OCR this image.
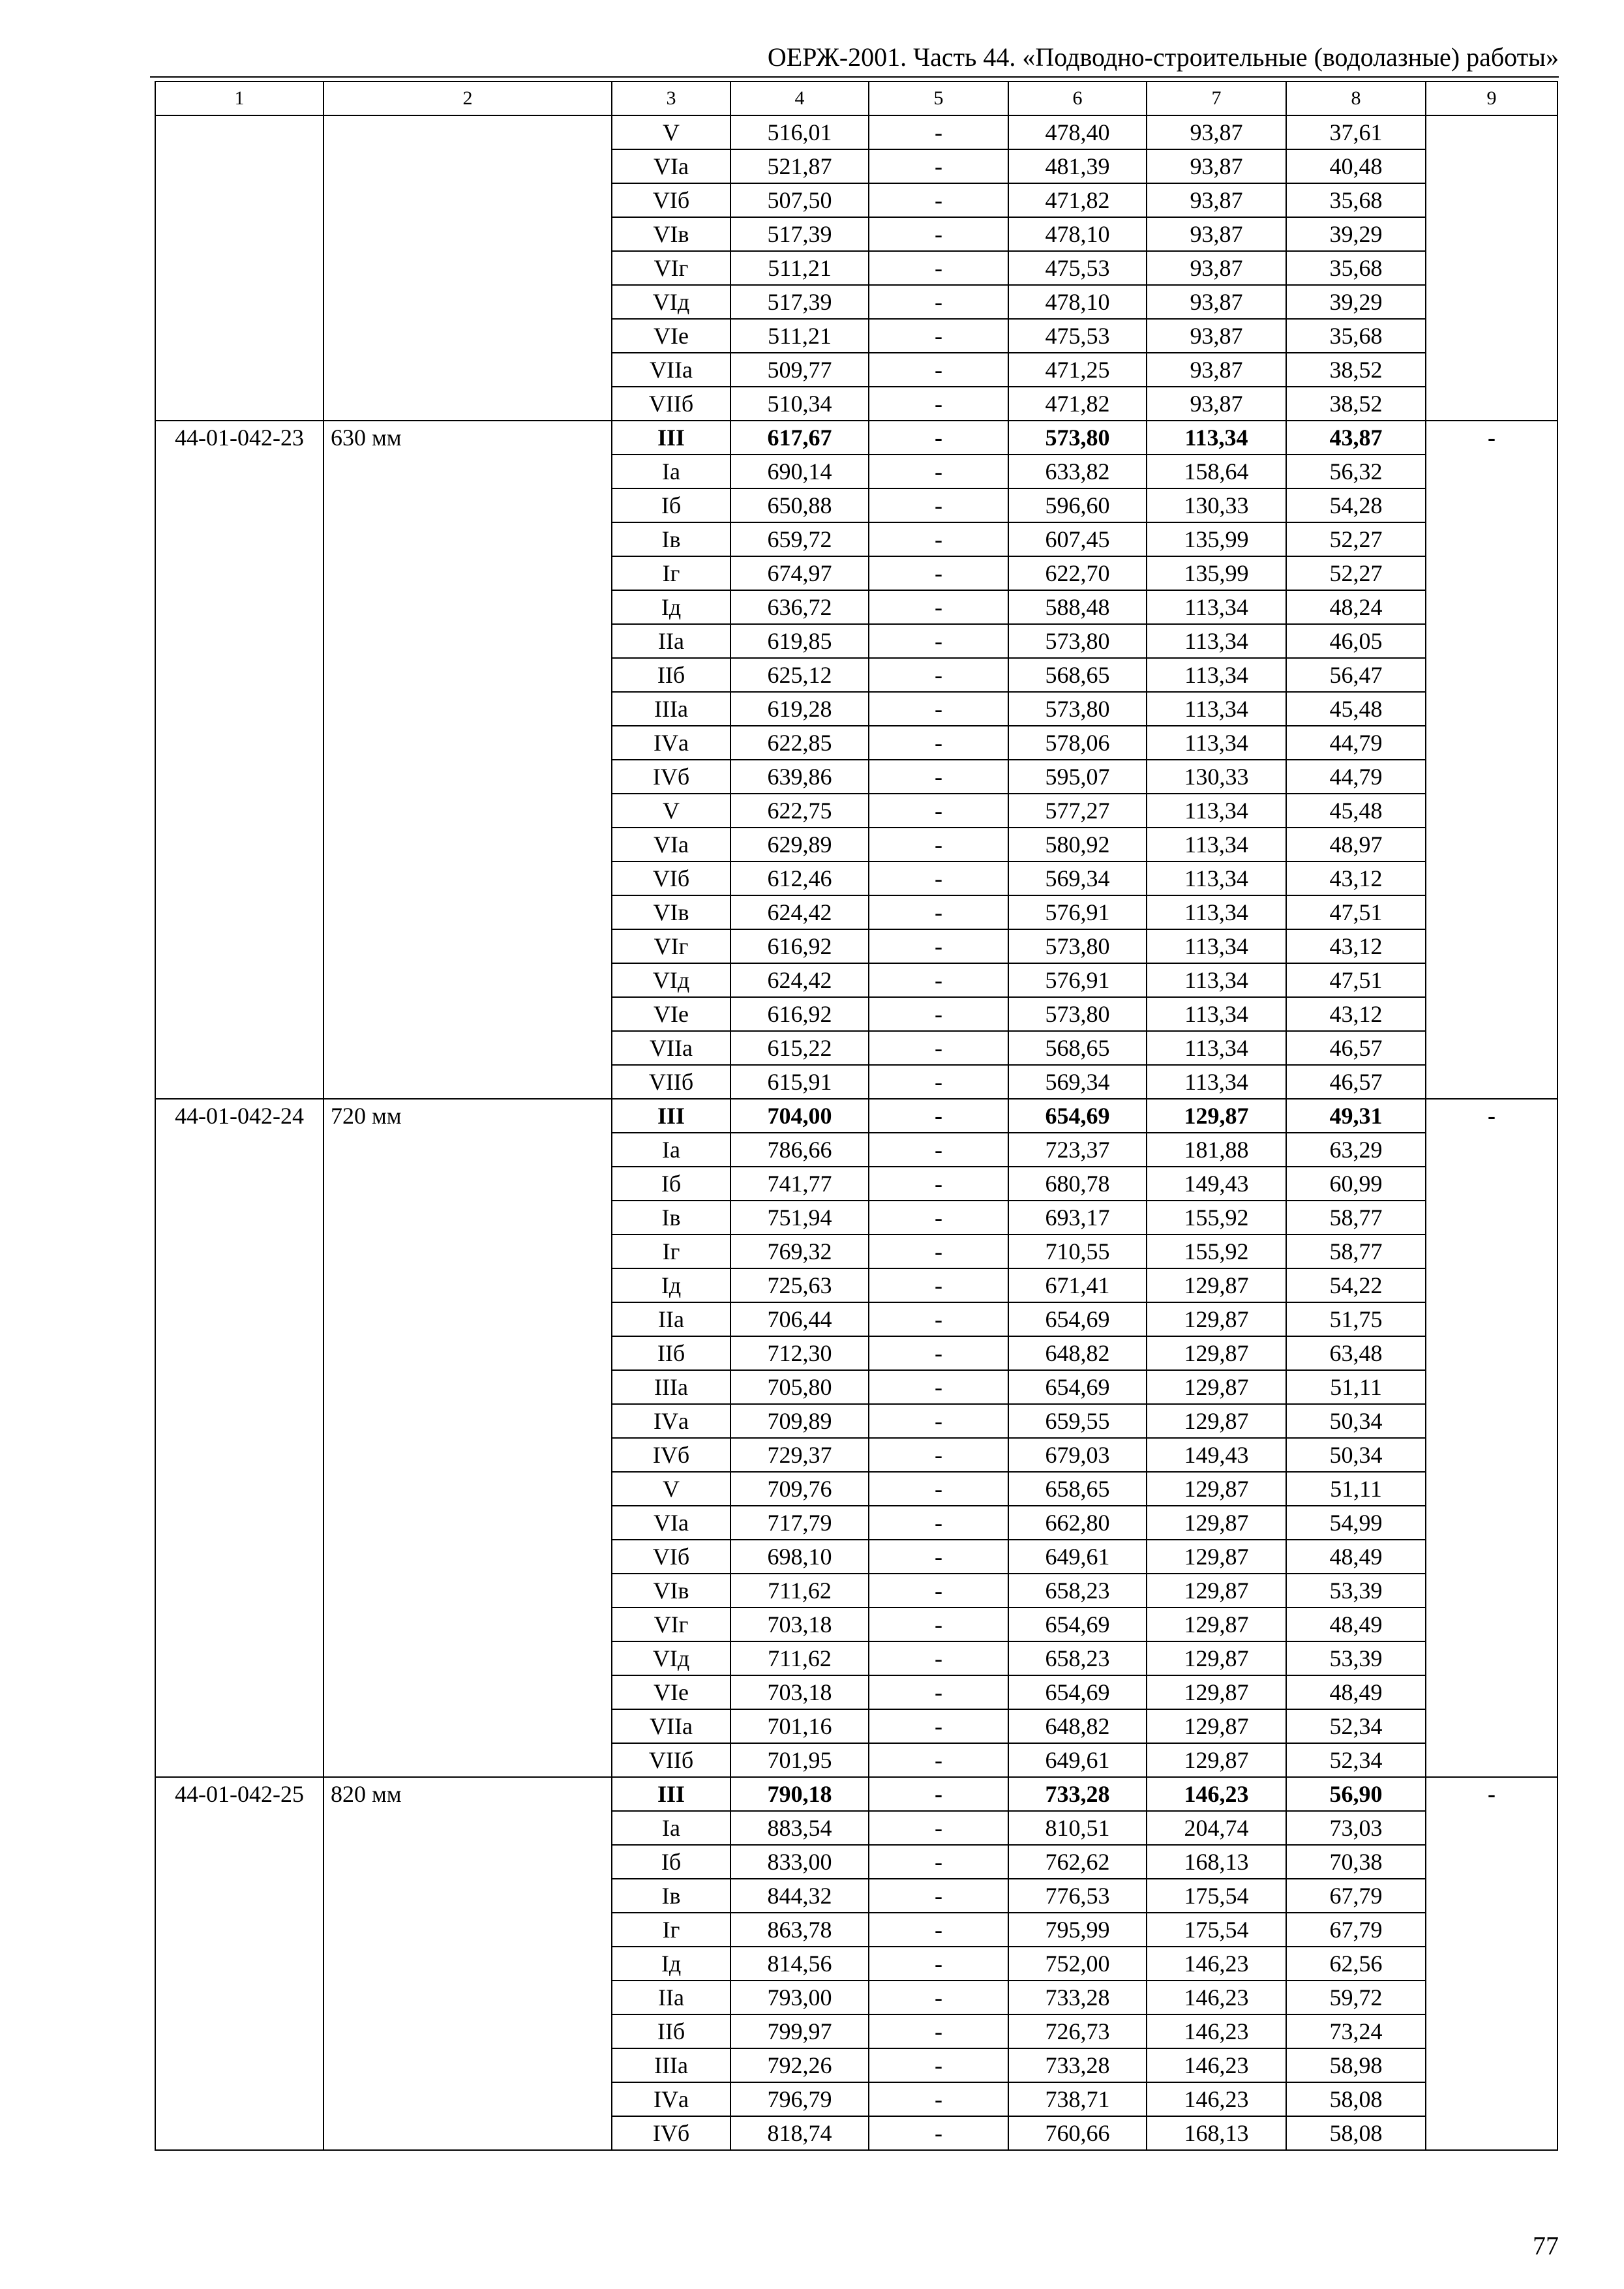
ОЕРЖ-2001. Часть 44. «Подводно-строительные (водолазные) работы»
1	2	3	4	5	6	7	8	9
		V	516,01	-	478,40	93,87	37,61	
		VIа	521,87	-	481,39	93,87	40,48	
		VIб	507,50	-	471,82	93,87	35,68	
		VIв	517,39	-	478,10	93,87	39,29	
		VIг	511,21	-	475,53	93,87	35,68	
		VIд	517,39	-	478,10	93,87	39,29	
		VIе	511,21	-	475,53	93,87	35,68	
		VIIа	509,77	-	471,25	93,87	38,52	
		VIIб	510,34	-	471,82	93,87	38,52	
44-01-042-23	630 мм	III	617,67	-	573,80	113,34	43,87	-
		Iа	690,14	-	633,82	158,64	56,32	
		Iб	650,88	-	596,60	130,33	54,28	
		Iв	659,72	-	607,45	135,99	52,27	
		Iг	674,97	-	622,70	135,99	52,27	
		Iд	636,72	-	588,48	113,34	48,24	
		IIа	619,85	-	573,80	113,34	46,05	
		IIб	625,12	-	568,65	113,34	56,47	
		IIIа	619,28	-	573,80	113,34	45,48	
		IVа	622,85	-	578,06	113,34	44,79	
		IVб	639,86	-	595,07	130,33	44,79	
		V	622,75	-	577,27	113,34	45,48	
		VIа	629,89	-	580,92	113,34	48,97	
		VIб	612,46	-	569,34	113,34	43,12	
		VIв	624,42	-	576,91	113,34	47,51	
		VIг	616,92	-	573,80	113,34	43,12	
		VIд	624,42	-	576,91	113,34	47,51	
		VIе	616,92	-	573,80	113,34	43,12	
		VIIа	615,22	-	568,65	113,34	46,57	
		VIIб	615,91	-	569,34	113,34	46,57	
44-01-042-24	720 мм	III	704,00	-	654,69	129,87	49,31	-
		Iа	786,66	-	723,37	181,88	63,29	
		Iб	741,77	-	680,78	149,43	60,99	
		Iв	751,94	-	693,17	155,92	58,77	
		Iг	769,32	-	710,55	155,92	58,77	
		Iд	725,63	-	671,41	129,87	54,22	
		IIа	706,44	-	654,69	129,87	51,75	
		IIб	712,30	-	648,82	129,87	63,48	
		IIIа	705,80	-	654,69	129,87	51,11	
		IVа	709,89	-	659,55	129,87	50,34	
		IVб	729,37	-	679,03	149,43	50,34	
		V	709,76	-	658,65	129,87	51,11	
		VIа	717,79	-	662,80	129,87	54,99	
		VIб	698,10	-	649,61	129,87	48,49	
		VIв	711,62	-	658,23	129,87	53,39	
		VIг	703,18	-	654,69	129,87	48,49	
		VIд	711,62	-	658,23	129,87	53,39	
		VIе	703,18	-	654,69	129,87	48,49	
		VIIа	701,16	-	648,82	129,87	52,34	
		VIIб	701,95	-	649,61	129,87	52,34	
44-01-042-25	820 мм	III	790,18	-	733,28	146,23	56,90	-
		Iа	883,54	-	810,51	204,74	73,03	
		Iб	833,00	-	762,62	168,13	70,38	
		Iв	844,32	-	776,53	175,54	67,79	
		Iг	863,78	-	795,99	175,54	67,79	
		Iд	814,56	-	752,00	146,23	62,56	
		IIа	793,00	-	733,28	146,23	59,72	
		IIб	799,97	-	726,73	146,23	73,24	
		IIIа	792,26	-	733,28	146,23	58,98	
		IVа	796,79	-	738,71	146,23	58,08	
		IVб	818,74	-	760,66	168,13	58,08	
77
